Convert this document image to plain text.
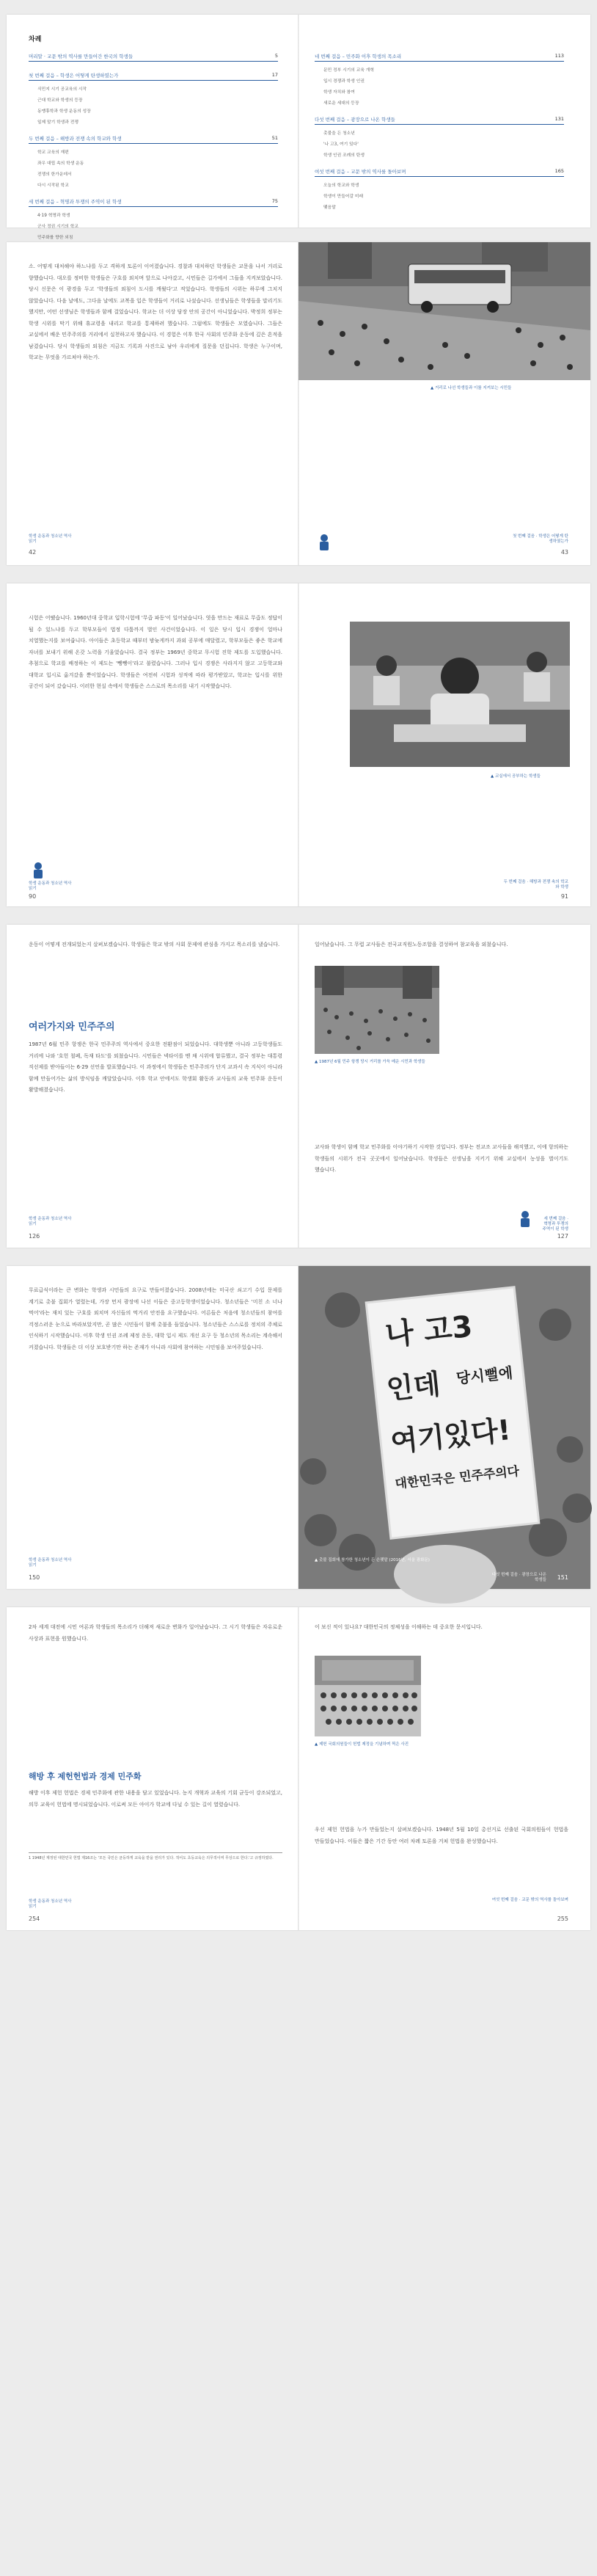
차례
머리말 · 교문 밖의 역사를 만들어간 한국의 학생들	5
첫 번째 걸음 – 학생은 어떻게 탄생하였는가	17
식민지 시기 공교육의 시작
근대 학교와 학생의 등장
동맹휴학과 학생 운동의 성장
일제 말기 학생과 전쟁
두 번째 걸음 – 해방과 전쟁 속의 학교와 학생	51
학교 교육의 재편
좌우 대립 속의 학생 운동
전쟁의 한가운데서
다시 시작된 학교
세 번째 걸음 – 혁명과 투쟁의 주역이 된 학생	75
4·19 혁명과 학생
군사 정권 시기의 학교
민주화를 향한 외침
네 번째 걸음 – 민주화 이후 학생의 목소리	113
문민 정부 시기의 교육 개혁
입시 경쟁과 학생 인권
학생 자치와 참여
새로운 세대의 등장
다섯 번째 걸음 – 광장으로 나온 학생들	131
촛불을 든 청소년
'나 고3, 여기 있다'
학생 인권 조례의 탄생
여섯 번째 걸음 – 교문 밖의 역사를 돌아보며	165
오늘의 학교와 학생
학생이 만들어갈 미래
맺음말
소. 어떻게 대처해야 하느냐를 두고 격하게 토론이 이어졌습니다. 경찰과 대치하던 학생들은 교문을 나서 거리로 향했습니다. 대오를 정비한 학생들은 구호를 외치며 앞으로 나아갔고, 시민들은 길가에서 그들을 지켜보았습니다. 당시 신문은 이 광경을 두고 '학생들의 외침이 도시를 깨웠다'고 적었습니다. 학생들의 시위는 하루에 그치지 않았습니다. 다음 날에도, 그다음 날에도 교복을 입은 학생들이 거리로 나섰습니다. 선생님들은 학생들을 말리기도 했지만, 어떤 선생님은 학생들과 함께 걸었습니다. 학교는 더 이상 담장 안의 공간이 아니었습니다. 박정희 정부는 학생 시위를 막기 위해 휴교령을 내리고 학교를 통제하려 했습니다. 그럼에도 학생들은 모였습니다. 그들은 교실에서 배운 민주주의를 거리에서 실천하고자 했습니다. 이 경험은 이후 한국 사회의 민주화 운동에 깊은 흔적을 남겼습니다. 당시 학생들의 외침은 지금도 기록과 사진으로 남아 우리에게 질문을 던집니다. 학생은 누구이며, 학교는 무엇을 가르쳐야 하는가.
학생 운동과 청소년 역사 읽기
42
▲ 거리로 나선 학생들과 이를 지켜보는 시민들
첫 번째 걸음 · 학생은 어떻게 탄생하였는가
43
시험은 어땠습니다. 1960년대 중학교 입학시험에 '무즙 파동'이 일어났습니다. 엿을 만드는 재료로 무즙도 정답이 될 수 있느냐를 두고 학부모들이 법정 다툼까지 벌인 사건이었습니다. 이 일은 당시 입시 경쟁이 얼마나 치열했는지를 보여줍니다. 아이들은 초등학교 때부터 밤늦게까지 과외 공부에 매달렸고, 학부모들은 좋은 학교에 자녀를 보내기 위해 온갖 노력을 기울였습니다. 결국 정부는 1969년 중학교 무시험 진학 제도를 도입했습니다. 추첨으로 학교를 배정하는 이 제도는 '뺑뺑이'라고 불렸습니다. 그러나 입시 경쟁은 사라지지 않고 고등학교와 대학교 입시로 옮겨갔을 뿐이었습니다. 학생들은 여전히 시험과 성적에 따라 평가받았고, 학교는 입시를 위한 공간이 되어 갔습니다. 이러한 현실 속에서 학생들은 스스로의 목소리를 내기 시작했습니다.
학생 운동과 청소년 역사 읽기
90
▲ 교실에서 공부하는 학생들
두 번째 걸음 · 해방과 전쟁 속의 학교와 학생
91
운동이 어떻게 전개되었는지 살펴보겠습니다. 학생들은 학교 밖의 사회 문제에 관심을 가지고 목소리를 냈습니다.
여러가지와 민주주의
1987년 6월 민주 항쟁은 한국 민주주의 역사에서 중요한 전환점이 되었습니다. 대학생뿐 아니라 고등학생들도 거리에 나와 '호헌 철폐, 독재 타도'를 외쳤습니다. 시민들은 넥타이를 맨 채 시위에 합류했고, 결국 정부는 대통령 직선제를 받아들이는 6·29 선언을 발표했습니다. 이 과정에서 학생들은 민주주의가 단지 교과서 속 지식이 아니라 함께 만들어가는 삶의 방식임을 깨달았습니다. 이후 학교 안에서도 학생회 활동과 교사들의 교육 민주화 운동이 활발해졌습니다.
학생 운동과 청소년 역사 읽기
126
일어났습니다. 그 무렵 교사들은 전국교직원노동조합을 결성하여 참교육을 외쳤습니다.
▲ 1987년 6월 민주 항쟁 당시 거리를 가득 메운 시민과 학생들
교사와 학생이 함께 학교 민주화를 이야기하기 시작한 것입니다. 정부는 전교조 교사들을 해직했고, 이에 항의하는 학생들의 시위가 전국 곳곳에서 일어났습니다. 학생들은 선생님을 지키기 위해 교실에서 농성을 벌이기도 했습니다.
세 번째 걸음 · 혁명과 투쟁의 주역이 된 학생
127
무료급식이라는 큰 변화는 학생과 시민들의 요구로 만들어졌습니다. 2008년에는 미국산 쇠고기 수입 문제를 계기로 촛불 집회가 열렸는데, 가장 먼저 광장에 나선 이들은 중고등학생이었습니다. 청소년들은 '미친 소 너나 먹어'라는 재치 있는 구호를 외치며 자신들의 먹거리 안전을 요구했습니다. 어른들은 처음에 청소년들의 참여를 걱정스러운 눈으로 바라보았지만, 곧 많은 시민들이 함께 촛불을 들었습니다. 청소년들은 스스로를 정치의 주체로 인식하기 시작했습니다. 이후 학생 인권 조례 제정 운동, 대학 입시 제도 개선 요구 등 청소년의 목소리는 계속해서 커졌습니다. 학생들은 더 이상 보호받기만 하는 존재가 아니라 사회에 참여하는 시민임을 보여주었습니다.
학생 운동과 청소년 역사 읽기
150
나 고3
인데 당시뻘에
여기있다!
대한민국은 민주주의다
▲ 촛불 집회에 참가한 청소년이 든 손팻말 (2016년, 서울 광화문)
151
다섯 번째 걸음 · 광장으로 나온 학생들
2차 세계 대전에 시민 여론과 학생들의 목소리가 더해져 새로운 변화가 일어났습니다. 그 시기 학생들은 자유로운 사상과 표현을 원했습니다.
해방 후 제헌헌법과 경제 민주화
해방 이후 제헌 헌법은 경제 민주화에 관한 내용을 담고 있었습니다. 농지 개혁과 교육의 기회 균등이 강조되었고, 의무 교육이 헌법에 명시되었습니다. 이로써 모든 아이가 학교에 다닐 수 있는 길이 열렸습니다.
1 1948년 제정된 대한민국 헌법 제16조는 '모든 국민은 균등하게 교육을 받을 권리가 있다. 적어도 초등교육은 의무적이며 무상으로 한다.'고 규정하였다.
학생 운동과 청소년 역사 읽기
254
이 보신 적이 있나요? 대한민국의 정체성을 이해하는 데 중요한 문서입니다.
▲ 제헌 국회의원들이 헌법 제정을 기념하며 찍은 사진
우선 제헌 헌법을 누가 만들었는지 살펴보겠습니다. 1948년 5월 10일 총선거로 선출된 국회의원들이 헌법을 만들었습니다. 이들은 짧은 기간 동안 여러 차례 토론을 거쳐 헌법을 완성했습니다.
여섯 번째 걸음 · 교문 밖의 역사를 돌아보며
255
